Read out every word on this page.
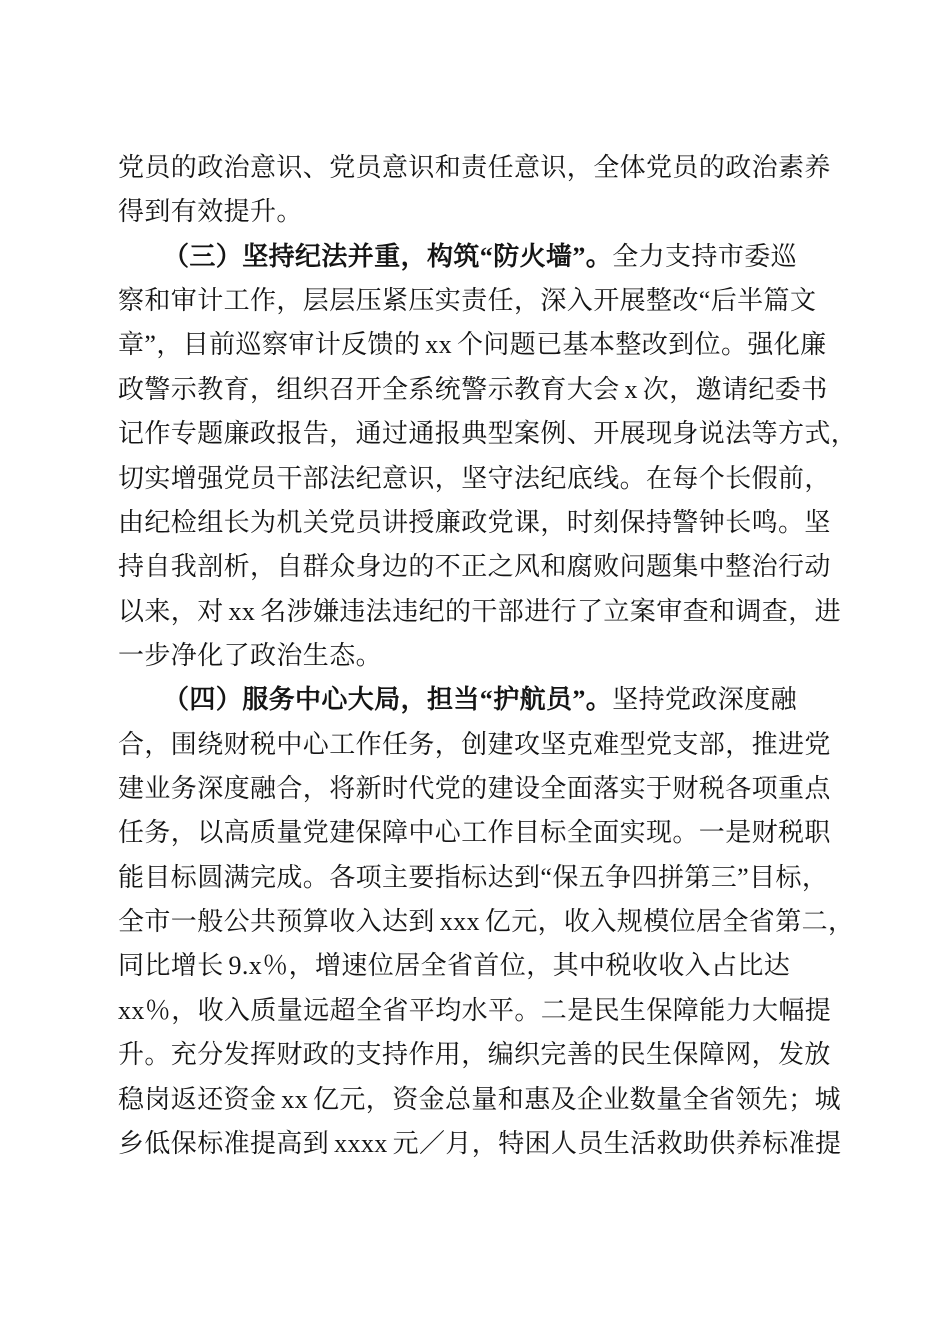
党员的政治意识、党员意识和责任意识，全体党员的政治素养
得到有效提升。
（三）坚持纪法并重，构筑“防火墙”。全力支持市委巡
察和审计工作，层层压紧压实责任，深入开展整改“后半篇文
章”，目前巡察审计反馈的 xx 个问题已基本整改到位。强化廉
政警示教育，组织召开全系统警示教育大会 x 次，邀请纪委书
记作专题廉政报告，通过通报典型案例、开展现身说法等方式，
切实增强党员干部法纪意识，坚守法纪底线。在每个长假前，
由纪检组长为机关党员讲授廉政党课，时刻保持警钟长鸣。坚
持自我剖析，自群众身边的不正之风和腐败问题集中整治行动
以来，对 xx 名涉嫌违法违纪的干部进行了立案审查和调查，进
一步净化了政治生态。
（四）服务中心大局，担当“护航员”。坚持党政深度融
合，围绕财税中心工作任务，创建攻坚克难型党支部，推进党
建业务深度融合，将新时代党的建设全面落实于财税各项重点
任务，以高质量党建保障中心工作目标全面实现。一是财税职
能目标圆满完成。各项主要指标达到“保五争四拼第三”目标，
全市一般公共预算收入达到 xxx 亿元，收入规模位居全省第二，
同比增长 9.x％，增速位居全省首位，其中税收收入占比达
xx％，收入质量远超全省平均水平。二是民生保障能力大幅提
升。充分发挥财政的支持作用，编织完善的民生保障网，发放
稳岗返还资金 xx 亿元，资金总量和惠及企业数量全省领先；城
乡低保标准提高到 xxxx 元／月，特困人员生活救助供养标准提
